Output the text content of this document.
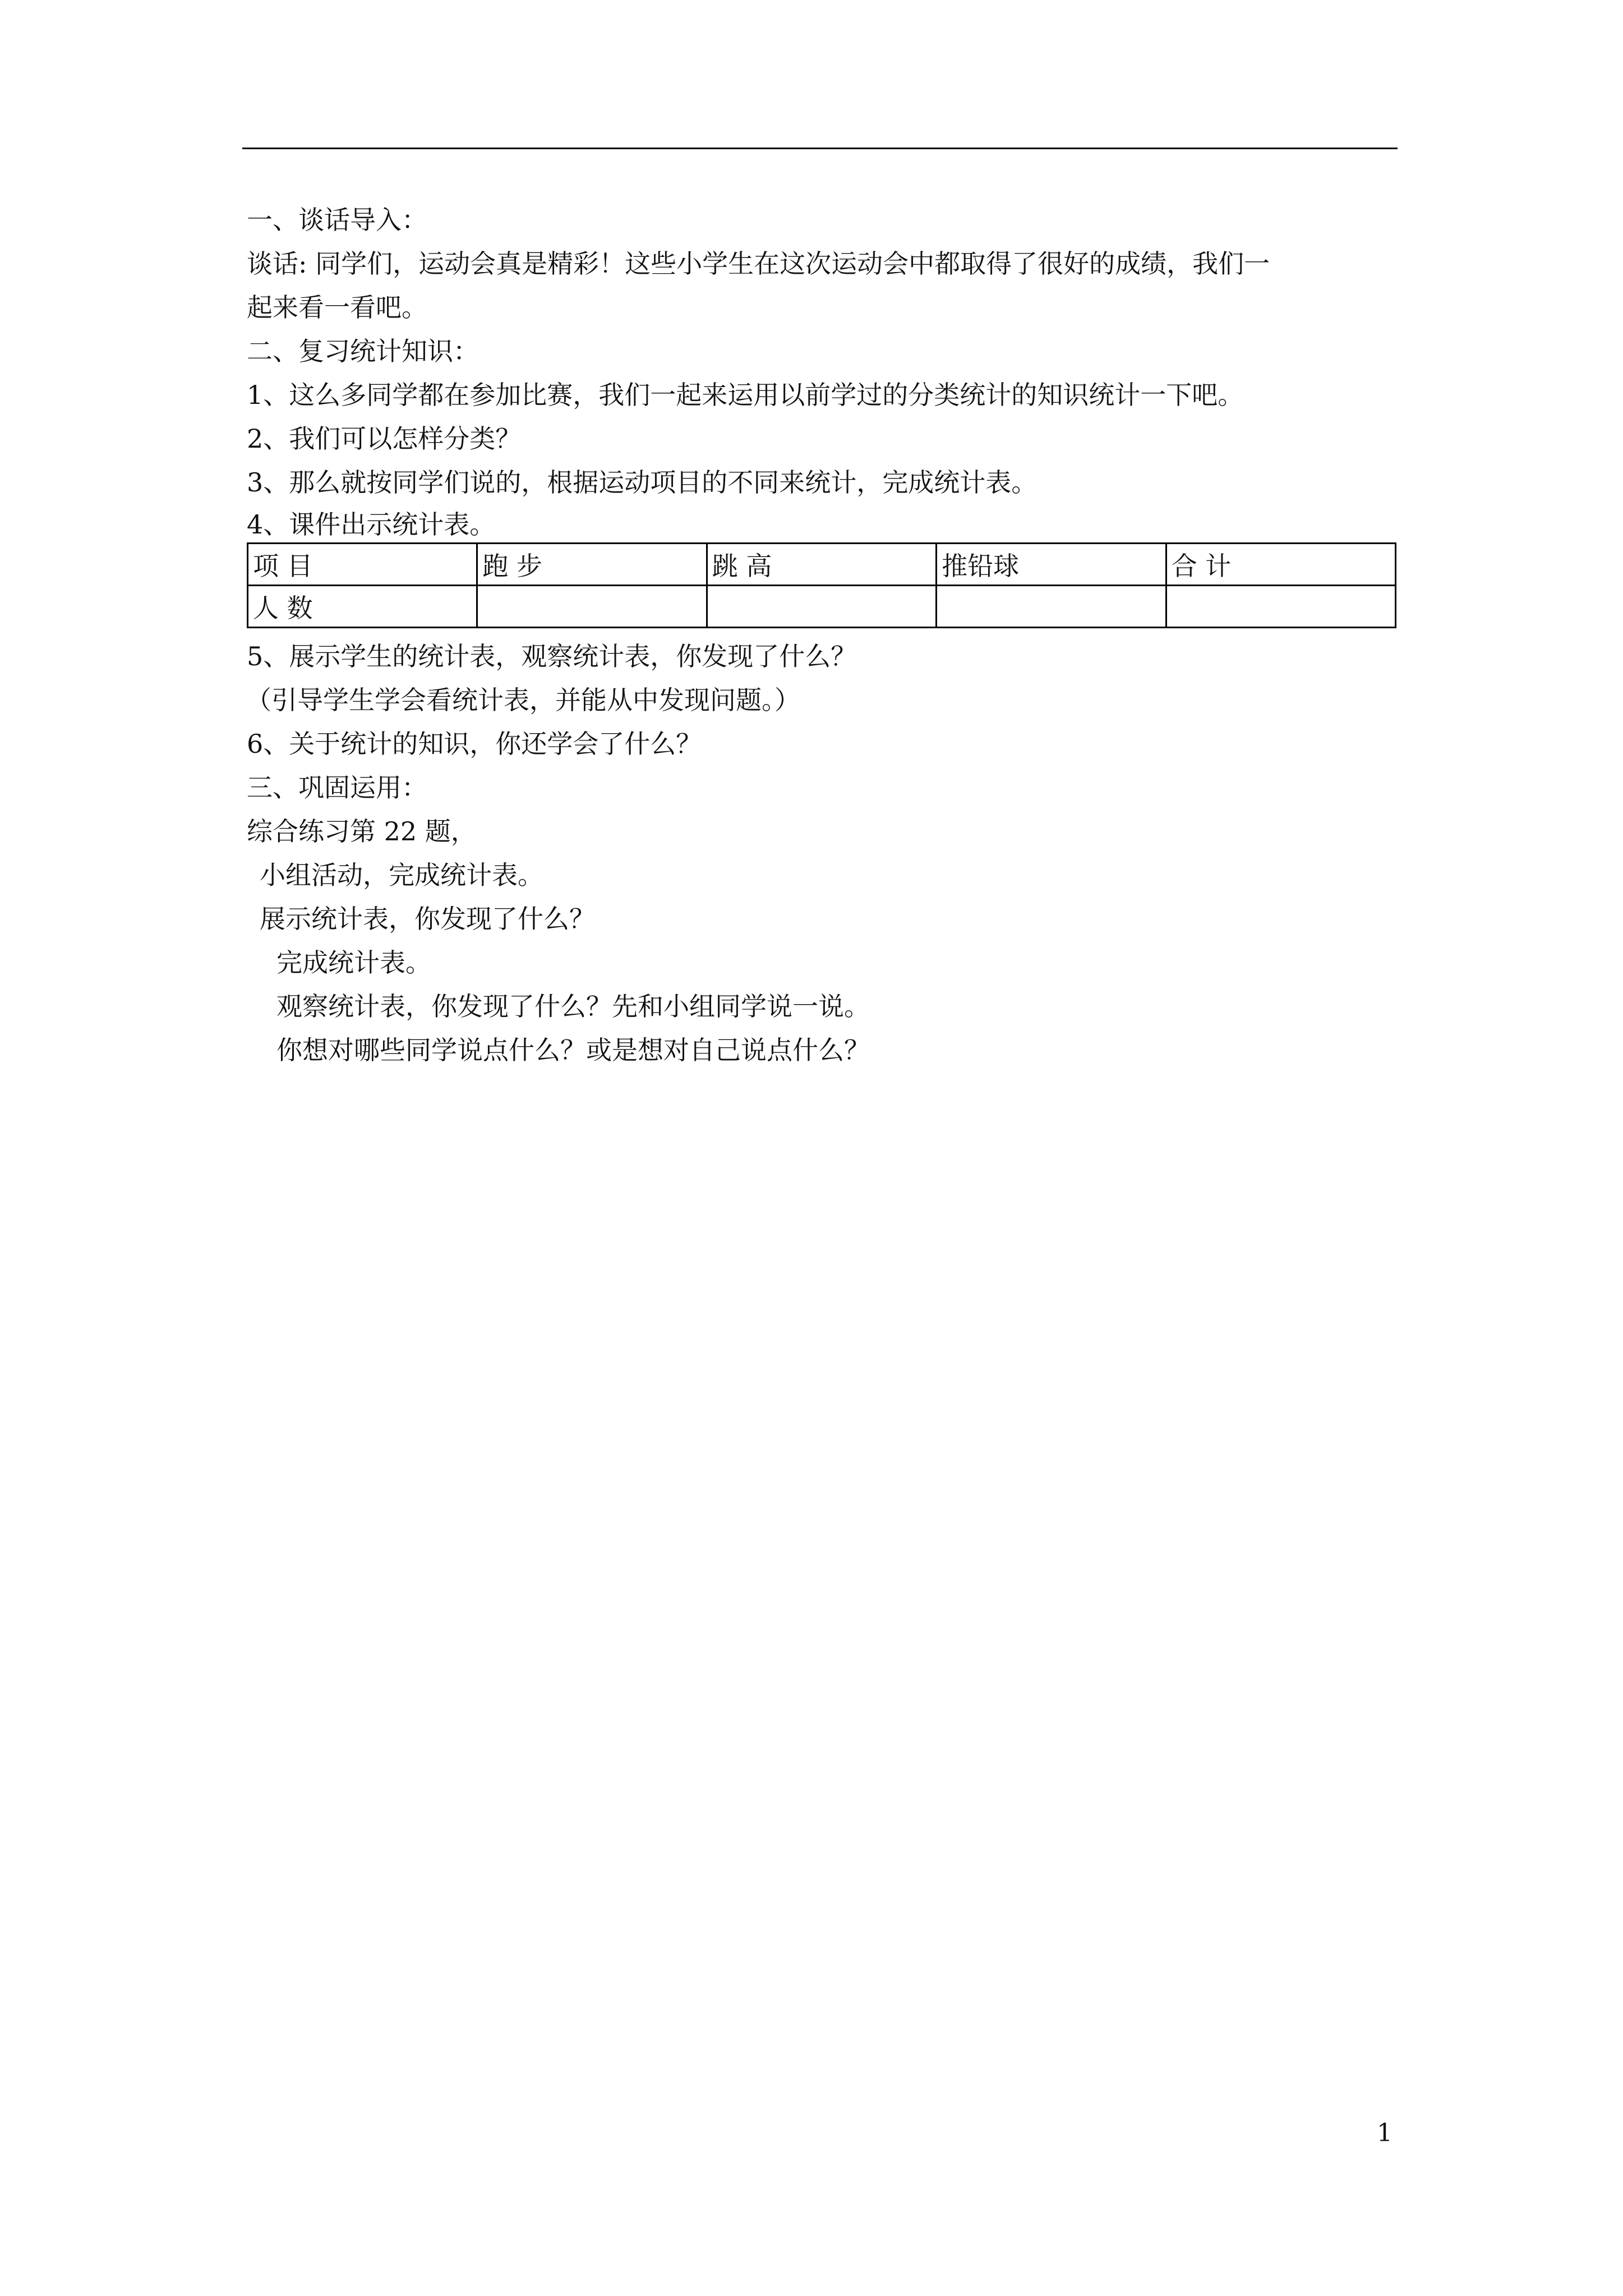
一、谈话导入：
谈话: 同学们，运动会真是精彩！这些小学生在这次运动会中都取得了很好的成绩，我们一
起来看一看吧。
二、复习统计知识：
1、这么多同学都在参加比赛，我们一起来运用以前学过的分类统计的知识统计一下吧。
2、我们可以怎样分类？
3、那么就按同学们说的，根据运动项目的不同来统计，完成统计表。
4、课件出示统计表。
项 目	跑 步	跳 高	推铅球	合 计
人 数				
5、展示学生的统计表，观察统计表，你发现了什么？
（引导学生学会看统计表，并能从中发现问题。）
6、关于统计的知识，你还学会了什么？
三、巩固运用：
综合练习第 22 题，
小组活动，完成统计表。
展示统计表，你发现了什么？
完成统计表。
观察统计表，你发现了什么？先和小组同学说一说。
你想对哪些同学说点什么？或是想对自己说点什么？
1
